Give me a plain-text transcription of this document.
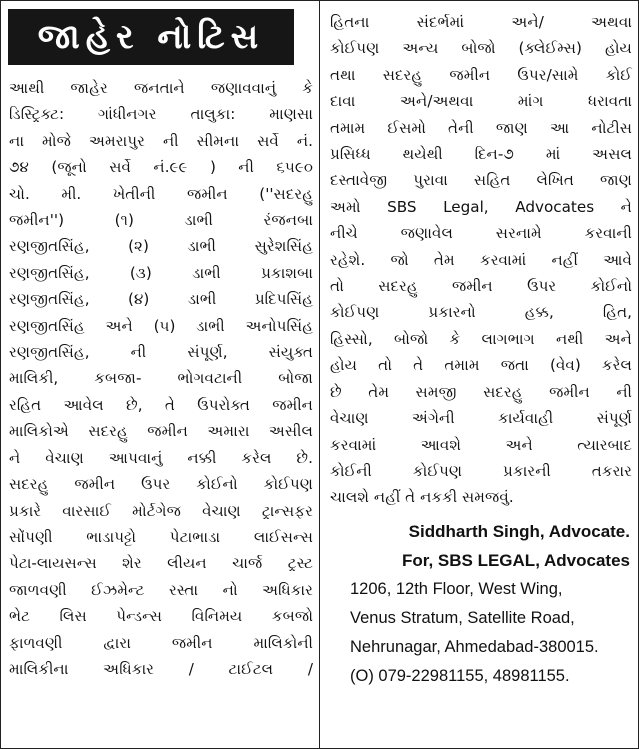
જાહેર નોટિસ
આથી જાહેર જનતાને જણાવવાનું કે
ડિસ્ટ્રિક્ટ: ગાંધીનગર તાલુકા: માણસા
ના મોજે અમરાપુર ની સીમના સર્વે નં.
૭૪ (જૂનો સર્વે નં.૯૯ ) ની ૬૫૯૦
ચો. મી. ખેતીની જમીન (''સદરહુ
જમીન'') (૧) ડાભી રંજનબા
રણજીતસિંહ, (૨) ડાભી સુરેશસિંહ
રણજીતસિંહ, (૩) ડાભી પ્રકાશબા
રણજીતસિંહ, (૪) ડાભી પ્રદિપસિંહ
રણજીતસિંહ અને (૫) ડાભી અનોપસિંહ
રણજીતસિંહ, ની સંપૂર્ણ, સંયુક્ત
માલિકી, કબજા- ભોગવટાની બોજા
રહિત આવેલ છે, તે ઉપરોક્ત જમીન
માલિકોએ સદરહુ જમીન અમારા અસીલ
ને વેચાણ આપવાનું નક્કી કરેલ છે.
સદરહુ જમીન ઉપર કોઈનો કોઈપણ
પ્રકારે વારસાઈ મોર્ટગેજ વેચાણ ટ્રાન્સફર
સોંપણી ભાડાપટ્ટો પેટાભાડા લાઈસન્સ
પેટા-લાયસન્સ શેર લીયન ચાર્જ ટ્રસ્ટ
જાળવણી ઈઝમેન્ટ રસ્તા નો અધિકાર
ભેટ લિસ પેન્ડન્સ વિનિમય કબજો
ફાળવણી દ્વારા જમીન માલિકોની
માલિકીના અધિકાર / ટાઈટલ /
હિતના સંદર્ભમાં અને/ અથવા
કોઈપણ અન્ય બોજો (ક્લેઈમ્સ) હોય
તથા સદરહુ જમીન ઉપર/સામે કોઈ
દાવા અને/અથવા માંગ ધરાવતા
તમામ ઈસમો તેની જાણ આ નોટીસ
પ્રસિધ્ધ થયેથી દિન-૭ માં અસલ
દસ્તાવેજી પુરાવા સહિત લેખિત જાણ
અમો SBS Legal, Advocates ને
નીચે જણાવેલ સરનામે કરવાની
રહેશે. જો તેમ કરવામાં નહીં આવે
તો સદરહુ જમીન ઉપર કોઈનો
કોઈપણ પ્રકારનો હક્ક, હિત,
હિસ્સો, બોજો કે લાગભાગ નથી અને
હોય તો તે તમામ જતા (વેવ) કરેલ
છે તેમ સમજી સદરહુ જમીન ની
વેચાણ અંગેની કાર્યવાહી સંપૂર્ણ
કરવામાં આવશે અને ત્યારબાદ
કોઈની કોઈપણ પ્રકારની તકરાર
ચાલશે નહીં તે નકકી સમજવું.
Siddharth Singh, Advocate.
For, SBS LEGAL, Advocates
1206, 12th Floor, West Wing,
Venus Stratum, Satellite Road,
Nehrunagar, Ahmedabad-380015.
(O) 079-22981155, 48981155.
